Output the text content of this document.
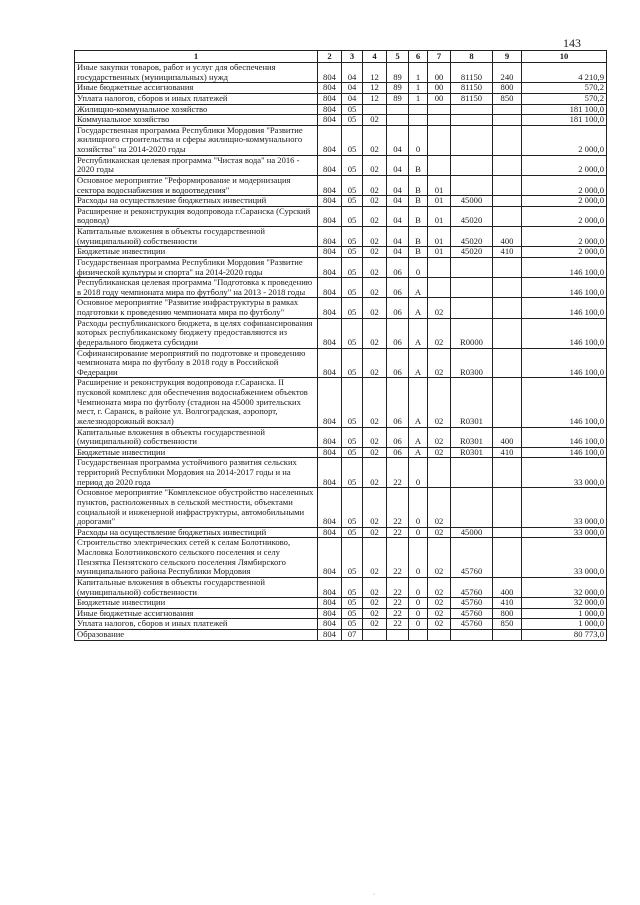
143
1	2	3	4	5	6	7	8	9	10
Иные закупки товаров, работ и услуг для обеспечения государственных (муниципальных) нужд	804	04	12	89	1	00	81150	240	4 210,9
Иные бюджетные ассигнования	804	04	12	89	1	00	81150	800	570,2
Уплата налогов, сборов и иных платежей	804	04	12	89	1	00	81150	850	570,2
Жилищно-коммунальное хозяйство	804	05							181 100,0
Коммунальное хозяйство	804	05	02						181 100,0
Государственная программа Республики Мордовия "Развитие жилищного строительства и сферы жилищно-коммунального хозяйства" на 2014-2020 годы	804	05	02	04	0				2 000,0
Республиканская целевая программа "Чистая вода" на 2016 - 2020 годы	804	05	02	04	В				2 000,0
Основное мероприятие "Реформирование и модернизация сектора водоснабжения и водоотведения"	804	05	02	04	В	01			2 000,0
Расходы на осуществление бюджетных инвестиций	804	05	02	04	В	01	45000		2 000,0
Расширение и реконструкция водопровода г.Саранска (Сурский водовод)	804	05	02	04	В	01	45020		2 000,0
Капитальные вложения в объекты государственной (муниципальной) собственности	804	05	02	04	В	01	45020	400	2 000,0
Бюджетные инвестиции	804	05	02	04	В	01	45020	410	2 000,0
Государственная программа Республики Мордовия "Развитие физической культуры и спорта" на 2014-2020 годы	804	05	02	06	0				146 100,0
Республиканская целевая программа "Подготовка к проведению в 2018 году чемпионата мира по футболу" на 2013 - 2018 годы	804	05	02	06	А				146 100,0
Основное мероприятие "Развитие инфраструктуры в рамках подготовки к проведению чемпионата мира по футболу"	804	05	02	06	А	02			146 100,0
Расходы республиканского бюджета, в целях софинансирования которых республиканскому бюджету предоставляются из федерального бюджета субсидии	804	05	02	06	А	02	R0000		146 100,0
Софинансирование мероприятий по подготовке и проведению чемпионата мира по футболу в 2018 году в Российской Федерации	804	05	02	06	А	02	R0300		146 100,0
Расширение и реконструкция водопровода г.Саранска. II пусковой комплекс для обеспечения водоснабжением объектов Чемпионата мира по футболу (стадион на 45000 зрительских мест, г. Саранск, в районе ул. Волгоградская, аэропорт, железнодорожный вокзал)	804	05	02	06	А	02	R0301		146 100,0
Капитальные вложения в объекты государственной (муниципальной) собственности	804	05	02	06	А	02	R0301	400	146 100,0
Бюджетные инвестиции	804	05	02	06	А	02	R0301	410	146 100,0
Государственная программа устойчивого развития сельских территорий Республики Мордовия на 2014-2017 годы и на период до 2020 года	804	05	02	22	0				33 000,0
Основное мероприятие "Комплексное обустройство населенных пунктов, расположенных в сельской местности, объектами социальной и инженерной инфраструктуры, автомобильными дорогами"	804	05	02	22	0	02			33 000,0
Расходы на осуществление бюджетных инвестиций	804	05	02	22	0	02	45000		33 000,0
Строительство электрических сетей к селам Болотниково, Масловка Болотниковского сельского поселения и селу Пензятка Пензятского сельского поселения Лямбирского муниципального района Республики Мордовия	804	05	02	22	0	02	45760		33 000,0
Капитальные вложения в объекты государственной (муниципальной) собственности	804	05	02	22	0	02	45760	400	32 000,0
Бюджетные инвестиции	804	05	02	22	0	02	45760	410	32 000,0
Иные бюджетные ассигнования	804	05	02	22	0	02	45760	800	1 000,0
Уплата налогов, сборов и иных платежей	804	05	02	22	0	02	45760	850	1 000,0
Образование	804	07							80 773,0
·
